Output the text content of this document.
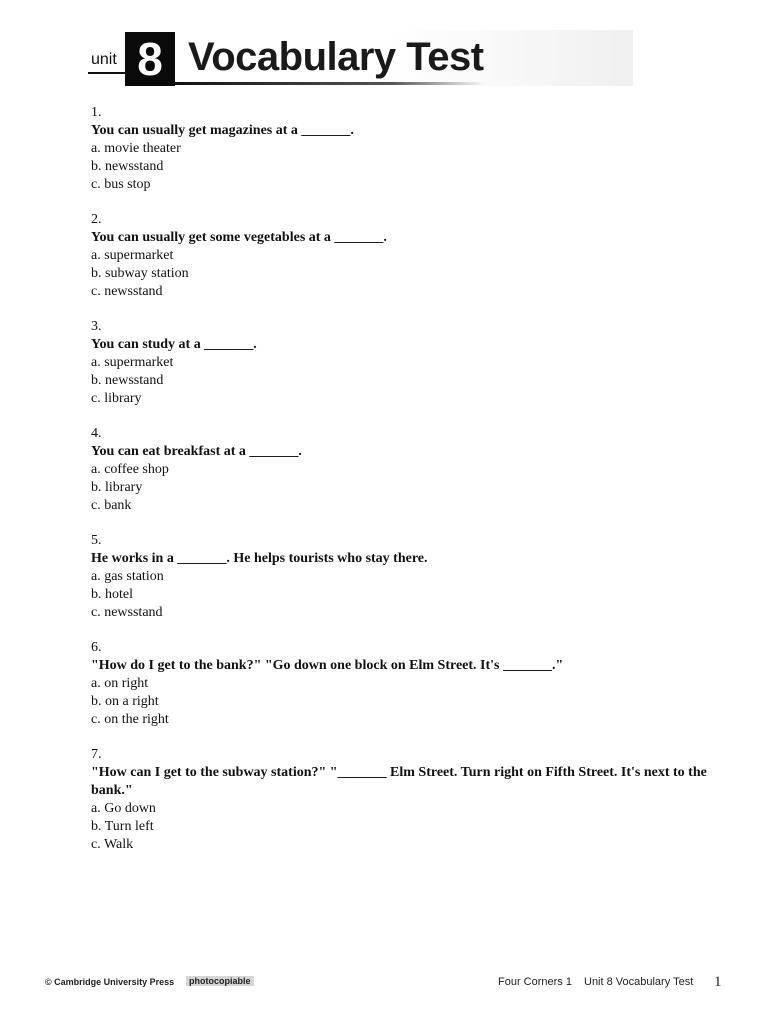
unit 8 Vocabulary Test
1.
You can usually get magazines at a _______.
a. movie theater
b. newsstand
c. bus stop
2.
You can usually get some vegetables at a _______.
a. supermarket
b. subway station
c. newsstand
3.
You can study at a _______.
a. supermarket
b. newsstand
c. library
4.
You can eat breakfast at a _______.
a. coffee shop
b. library
c. bank
5.
He works in a _______. He helps tourists who stay there.
a. gas station
b. hotel
c. newsstand
6.
"How do I get to the bank?" "Go down one block on Elm Street. It's _______."
a. on right
b. on a right
c. on the right
7.
"How can I get to the subway station?" "_______ Elm Street. Turn right on Fifth Street. It's next to the bank."
a. Go down
b. Turn left
c. Walk
© Cambridge University Press	photocopiable	Four Corners 1 Unit 8 Vocabulary Test 1
